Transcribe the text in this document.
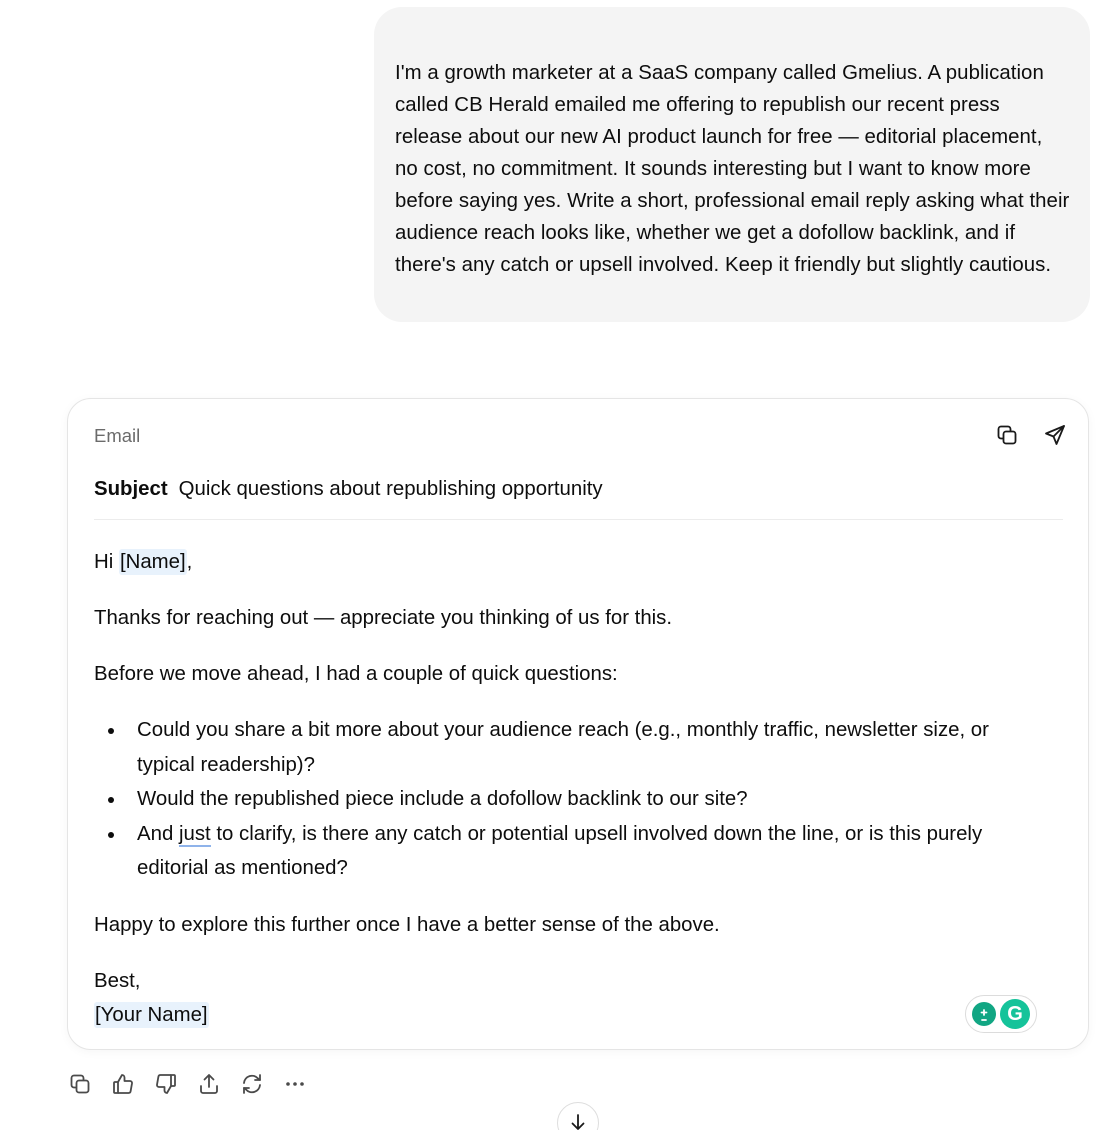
I'm a growth marketer at a SaaS company called Gmelius. A publication called CB Herald emailed me offering to republish our recent press release about our new AI product launch for free — editorial placement, no cost, no commitment. It sounds interesting but I want to know more before saying yes. Write a short, professional email reply asking what their audience reach looks like, whether we get a dofollow backlink, and if there's any catch or upsell involved. Keep it friendly but slightly cautious.

Email
Subject Quick questions about republishing opportunity
Hi [Name],
Thanks for reaching out — appreciate you thinking of us for this.
Before we move ahead, I had a couple of quick questions:
Could you share a bit more about your audience reach (e.g., monthly traffic, newsletter size, or typical readership)?
Would the republished piece include a dofollow backlink to our site?
And just to clarify, is there any catch or potential upsell involved down the line, or is this purely editorial as mentioned?
Happy to explore this further once I have a better sense of the above.
Best,
[Your Name]	G
